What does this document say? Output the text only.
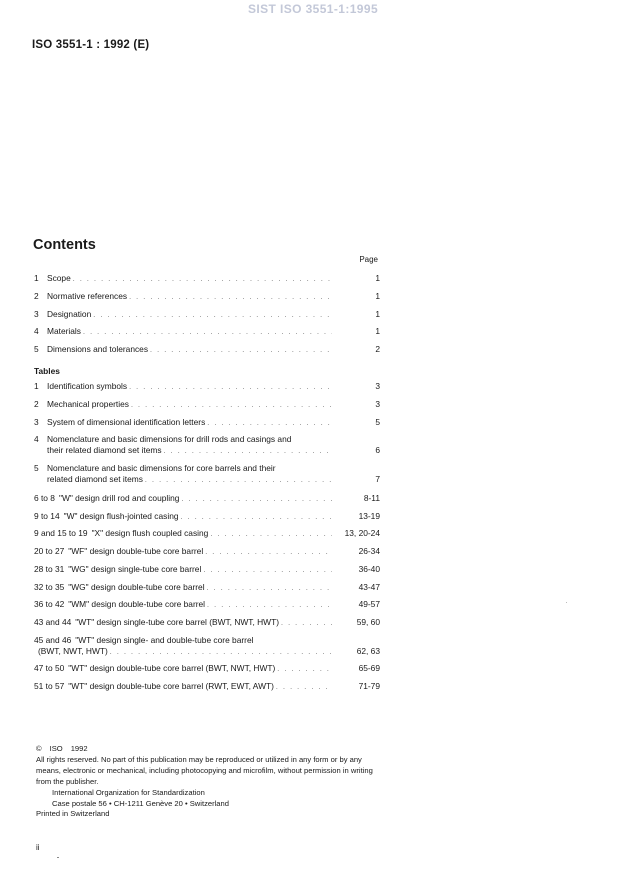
SIST ISO 3551-1:1995
ISO 3551-1 : 1992 (E)
Contents
Page
1 Scope . . .	1
2 Normative references . . .	1
3 Designation . . .	1
4 Materials . . .	1
5 Dimensions and tolerances . . .	2
Tables
1 Identification symbols . . .	3
2 Mechanical properties . . .	3
3 System of dimensional identification letters . . .	5
4 Nomenclature and basic dimensions for drill rods and casings and
their related diamond set items . . .	6
5 Nomenclature and basic dimensions for core barrels and their
related diamond set items . . .	7
6 to 8 "W" design drill rod and coupling . . .	8-11
9 to 14 "W" design flush-jointed casing . . .	13-19
9 and 15 to 19 "X" design flush coupled casing . . .	13, 20-24
20 to 27 "WF" design double-tube core barrel . . .	26-34
28 to 31 "WG" design single-tube core barrel . . .	36-40
32 to 35 "WG" design double-tube core barrel . . .	43-47
36 to 42 "WM" design double-tube core barrel . . .	49-57
43 and 44 "WT" design single-tube core barrel (BWT, NWT, HWT) . . .	59, 60
45 and 46 "WT" design single- and double-tube core barrel
(BWT, NWT, HWT) . . .	62, 63
47 to 50 "WT" design double-tube core barrel (BWT, NWT, HWT) . . .	65-69
51 to 57 "WT" design double-tube core barrel (RWT, EWT, AWT) . . .	71-79
© ISO 1992
All rights reserved. No part of this publication may be reproduced or utilized in any form or by any means, electronic or mechanical, including photocopying and microfilm, without permission in writing from the publisher.
International Organization for Standardization
Case postale 56 • CH-1211 Genève 20 • Switzerland
Printed in Switzerland
ii
